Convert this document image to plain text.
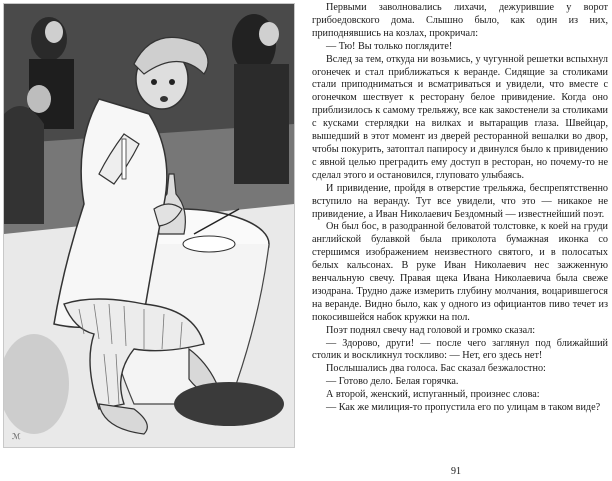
ℳ

Первыми заволновались лихачи, дежурившие у ворот грибоедовского дома. Слышно было, как один из них, приподнявшись на козлах, прокричал:

— Тю! Вы только поглядите!

Вслед за тем, откуда ни возьмись, у чугунной решетки вспыхнул огонечек и стал приближаться к веранде. Сидящие за столиками стали приподниматься и всматриваться и увидели, что вместе с огонечком шествует к ресторану белое привидение. Когда оно приблизилось к самому трельяжу, все как закостенели за столиками с кусками стерлядки на вилках и вытаращив глаза. Швейцар, вышедший в этот момент из дверей ресторанной вешалки во двор, чтобы покурить, затоптал папиросу и двинулся было к привидению с явной целью преградить ему доступ в ресторан, но почему-то не сделал этого и остановился, глуповато улыбаясь.

И привидение, пройдя в отверстие трельяжа, беспрепятственно вступило на веранду. Тут все увидели, что это — никакое не привидение, а Иван Николаевич Бездомный — известнейший поэт.

Он был бос, в разодранной беловатой толстовке, к коей на груди английской булавкой была приколота бумажная иконка со стершимся изображением неизвестного святого, и в полосатых белых кальсонах. В руке Иван Николаевич нес зажженную венчальную свечу. Правая щека Ивана Николаевича была свеже изодрана. Трудно даже измерить глубину молчания, воцарившегося на веранде. Видно было, как у одного из официантов пиво течет из покосившейся набок кружки на пол.

Поэт поднял свечу над головой и громко сказал:

— Здорово, други! — после чего заглянул под ближайший столик и воскликнул тоскливо: — Нет, его здесь нет!

Послышались два голоса. Бас сказал безжалостно:

— Готово дело. Белая горячка.

А второй, женский, испуганный, произнес слова:

— Как же милиция-то пропустила его по улицам в таком виде?

91
